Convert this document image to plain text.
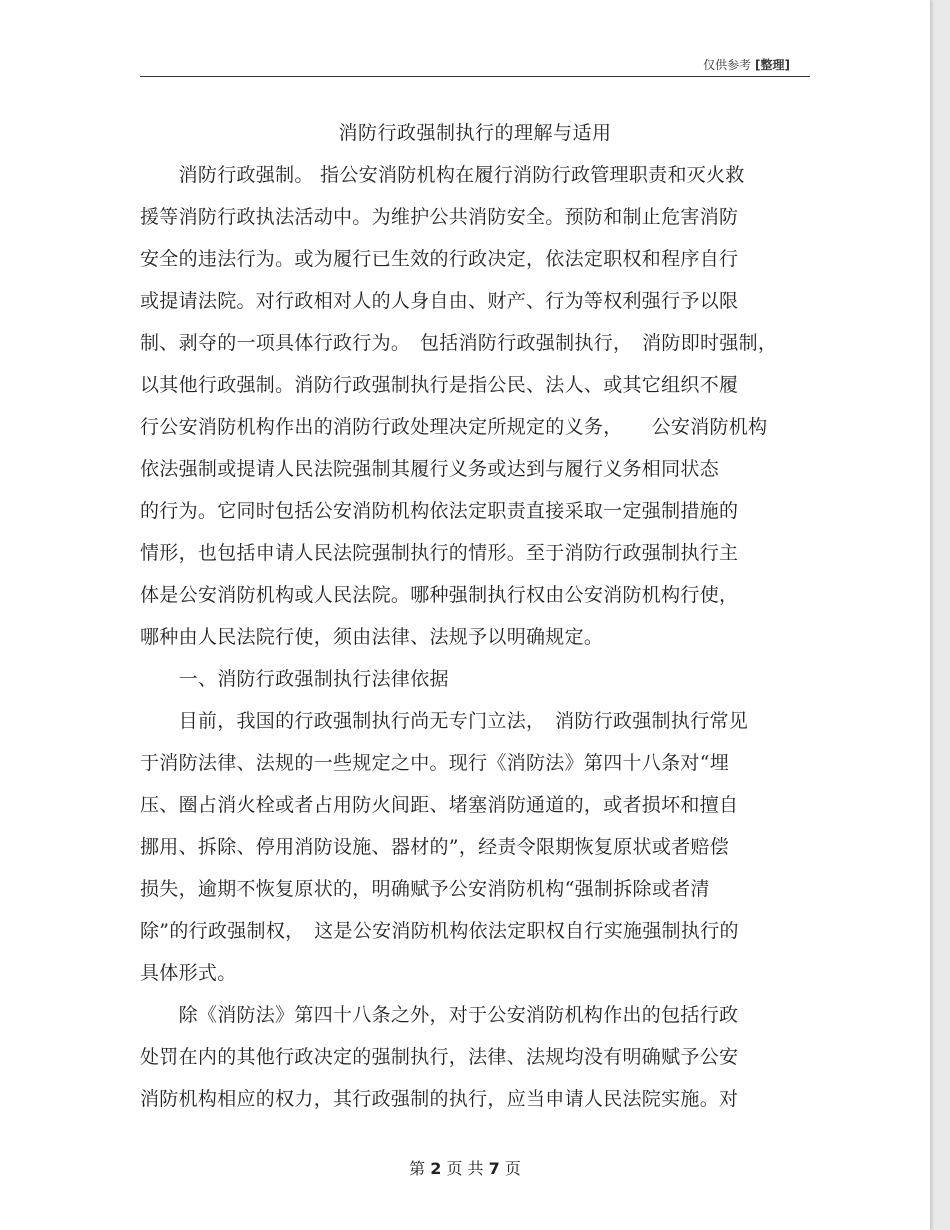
仅供参考 [整理]
消防行政强制执行的理解与适用
　　消防行政强制。 指公安消防机构在履行消防行政管理职责和灭火救
援等消防行政执法活动中。为维护公共消防安全。预防和制止危害消防
安全的违法行为。或为履行已生效的行政决定，依法定职权和程序自行
或提请法院。对行政相对人的人身自由、财产、行为等权利强行予以限
制、剥夺的一项具体行政行为。　包括消防行政强制执行，　消防即时强制，
以其他行政强制。消防行政强制执行是指公民、法人、或其它组织不履
行公安消防机构作出的消防行政处理决定所规定的义务，　　公安消防机构
依法强制或提请人民法院强制其履行义务或达到与履行义务相同状态
的行为。它同时包括公安消防机构依法定职责直接采取一定强制措施的
情形，也包括申请人民法院强制执行的情形。至于消防行政强制执行主
体是公安消防机构或人民法院。哪种强制执行权由公安消防机构行使，
哪种由人民法院行使，须由法律、法规予以明确规定。
　　一、消防行政强制执行法律依据
　　目前，我国的行政强制执行尚无专门立法，　消防行政强制执行常见
于消防法律、法规的一些规定之中。现行《消防法》第四十八条对“埋
压、圈占消火栓或者占用防火间距、堵塞消防通道的，或者损坏和擅自
挪用、拆除、停用消防设施、器材的”，经责令限期恢复原状或者赔偿
损失，逾期不恢复原状的，明确赋予公安消防机构“强制拆除或者清
除”的行政强制权，　这是公安消防机构依法定职权自行实施强制执行的
具体形式。
　　除《消防法》第四十八条之外，对于公安消防机构作出的包括行政
处罚在内的其他行政决定的强制执行，法律、法规均没有明确赋予公安
消防机构相应的权力，其行政强制的执行，应当申请人民法院实施。对
第 2 页 共 7 页
